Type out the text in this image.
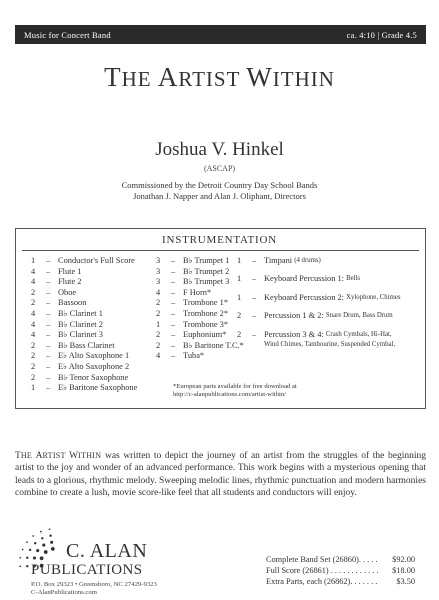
Music for Concert Band	ca. 4:10 | Grade 4.5
THE ARTIST WITHIN
Joshua V. Hinkel
(ASCAP)
Commissioned by the Detroit Country Day School Bands
Jonathan J. Napper and Alan J. Oliphant, Directors
INSTRUMENTATION
1	– Conductor's Full Score
4	– Flute 1
4	– Flute 2
2	– Oboe
2	– Bassoon
4	– B♭ Clarinet 1
4	– B♭ Clarinet 2
4	– B♭ Clarinet 3
2	– B♭ Bass Clarinet
2	– E♭ Alto Saxophone 1
2	– E♭ Alto Saxophone 2
2	– B♭ Tenor Saxophone
1	– E♭ Baritone Saxophone
3	– B♭ Trumpet 1
3	– B♭ Trumpet 2
3	– B♭ Trumpet 3
4	– F Horn*
2	– Trombone 1*
2	– Trombone 2*
1	– Trombone 3*
2	– Euphonium*
2	– B♭ Baritone T.C.*
4	– Tuba*
1	– Timpani
(4 drums)
1	– Keyboard Percussion 1:
Bells
1	– Keyboard Percussion 2:
Xylophone, Chimes
2	– Percussion 1 & 2:
Snare Drum, Bass Drum
2	– Percussion 3 & 4:
Crash Cymbals, Hi-Hat,
Wind Chimes, Tambourine, Suspended Cymbal,
*European parts available for free download at
http://c-alanpublications.com/artist-within/
THE ARTIST WITHIN was written to depict the journey of an artist from the struggles of the beginning artist to the joy and wonder of an advanced performance. This work begins with a mysterious opening that leads to a glorious, rhythmic melody. Sweeping melodic lines, rhythmic punctuation and modern harmonies combine to create a lush, movie score-like feel that all students and conductors will enjoy.
C. ALAN
PUBLICATIONS
P.O. Box 29323 • Greensboro, NC 27429-9323
C-AlanPublications.com
Complete Band Set (26860). . . . . $92.00
Full Score (26861) . . . . . . . . . . . . $18.00
Extra Parts, each (26862). . . . . . . $3.50
